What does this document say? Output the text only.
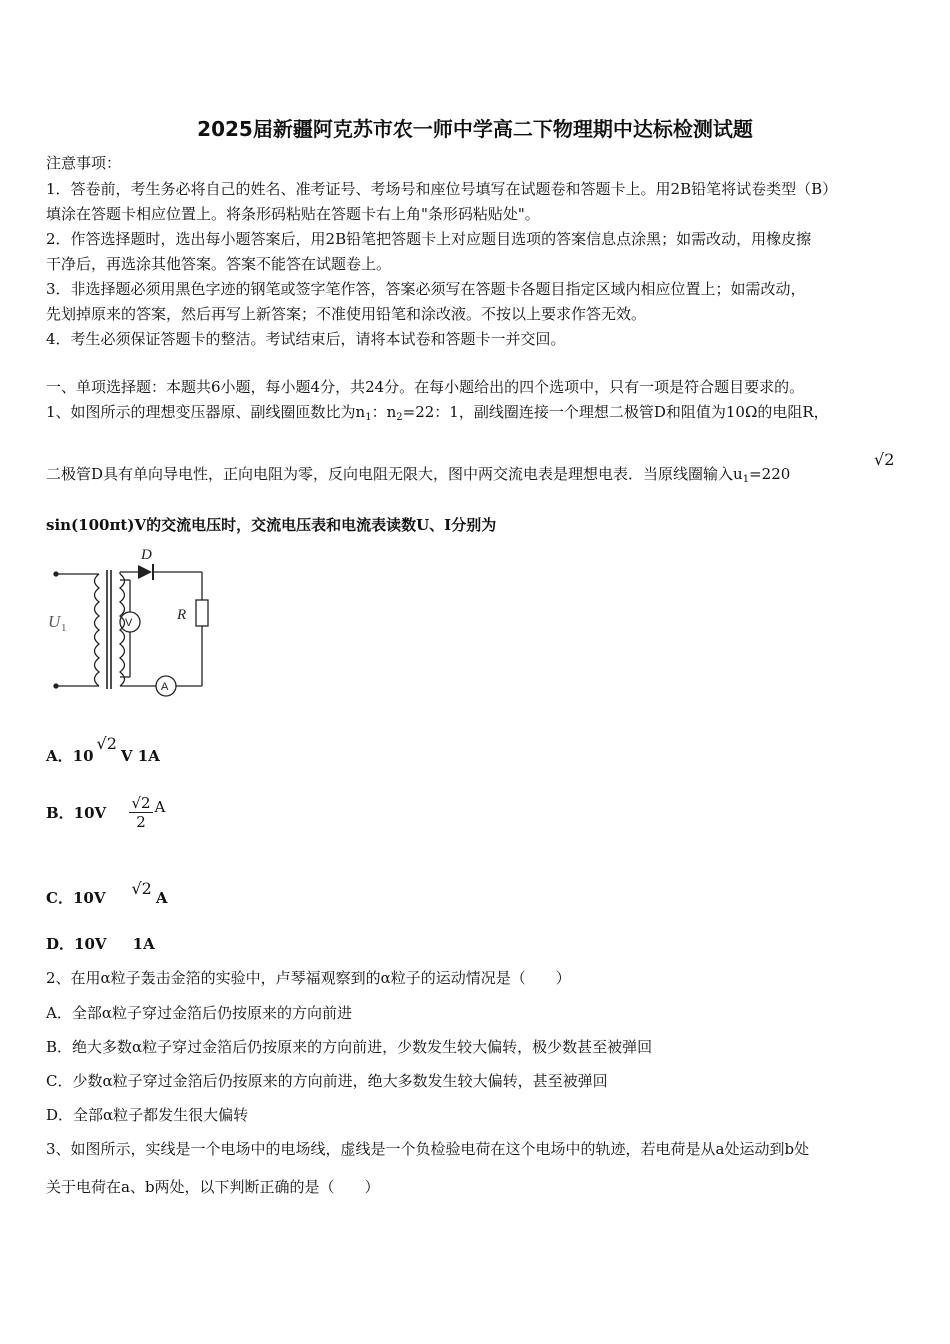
2025届新疆阿克苏市农一师中学高二下物理期中达标检测试题
注意事项：
1．答卷前，考生务必将自己的姓名、准考证号、考场号和座位号填写在试题卷和答题卡上。用2B铅笔将试卷类型（B）
填涂在答题卡相应位置上。将条形码粘贴在答题卡右上角"条形码粘贴处"。
2．作答选择题时，选出每小题答案后，用2B铅笔把答题卡上对应题目选项的答案信息点涂黑；如需改动，用橡皮擦
干净后，再选涂其他答案。答案不能答在试题卷上。
3．非选择题必须用黑色字迹的钢笔或签字笔作答，答案必须写在答题卡各题目指定区域内相应位置上；如需改动，
先划掉原来的答案，然后再写上新答案；不准使用铅笔和涂改液。不按以上要求作答无效。
4．考生必须保证答题卡的整洁。考试结束后，请将本试卷和答题卡一并交回。
一、单项选择题：本题共6小题，每小题4分，共24分。在每小题给出的四个选项中，只有一项是符合题目要求的。
1、如图所示的理想变压器原、副线圈匝数比为$n_1$：$n_2=22$：1，副线圈连接一个理想二极管D和阻值为10Ω的电阻R，
二极管D具有单向导电性，正向电阻为零，反向电阻无限大，图中两交流电表是理想电表．当原线圈输入$u_1=220$
√2
sin(100πt)V的交流电压时，交流电压表和电流表读数U、I分别为
D
R
V
A
U 1
A．10√2V 1A
B．$10V \frac{√2}{2}$ A
C．10V √2 A
D．10V     1A
2、在用α粒子轰击金箔的实验中，卢琴福观察到的α粒子的运动情况是（　　）
A．全部α粒子穿过金箔后仍按原来的方向前进
B．绝大多数α粒子穿过金箔后仍按原来的方向前进，少数发生较大偏转，极少数甚至被弹回
C．少数α粒子穿过金箔后仍按原来的方向前进，绝大多数发生较大偏转，甚至被弹回
D．全部α粒子都发生很大偏转
3、如图所示，实线是一个电场中的电场线，虚线是一个负检验电荷在这个电场中的轨迹，若电荷是从a处运动到b处
关于电荷在a、b两处，以下判断正确的是（　　）
